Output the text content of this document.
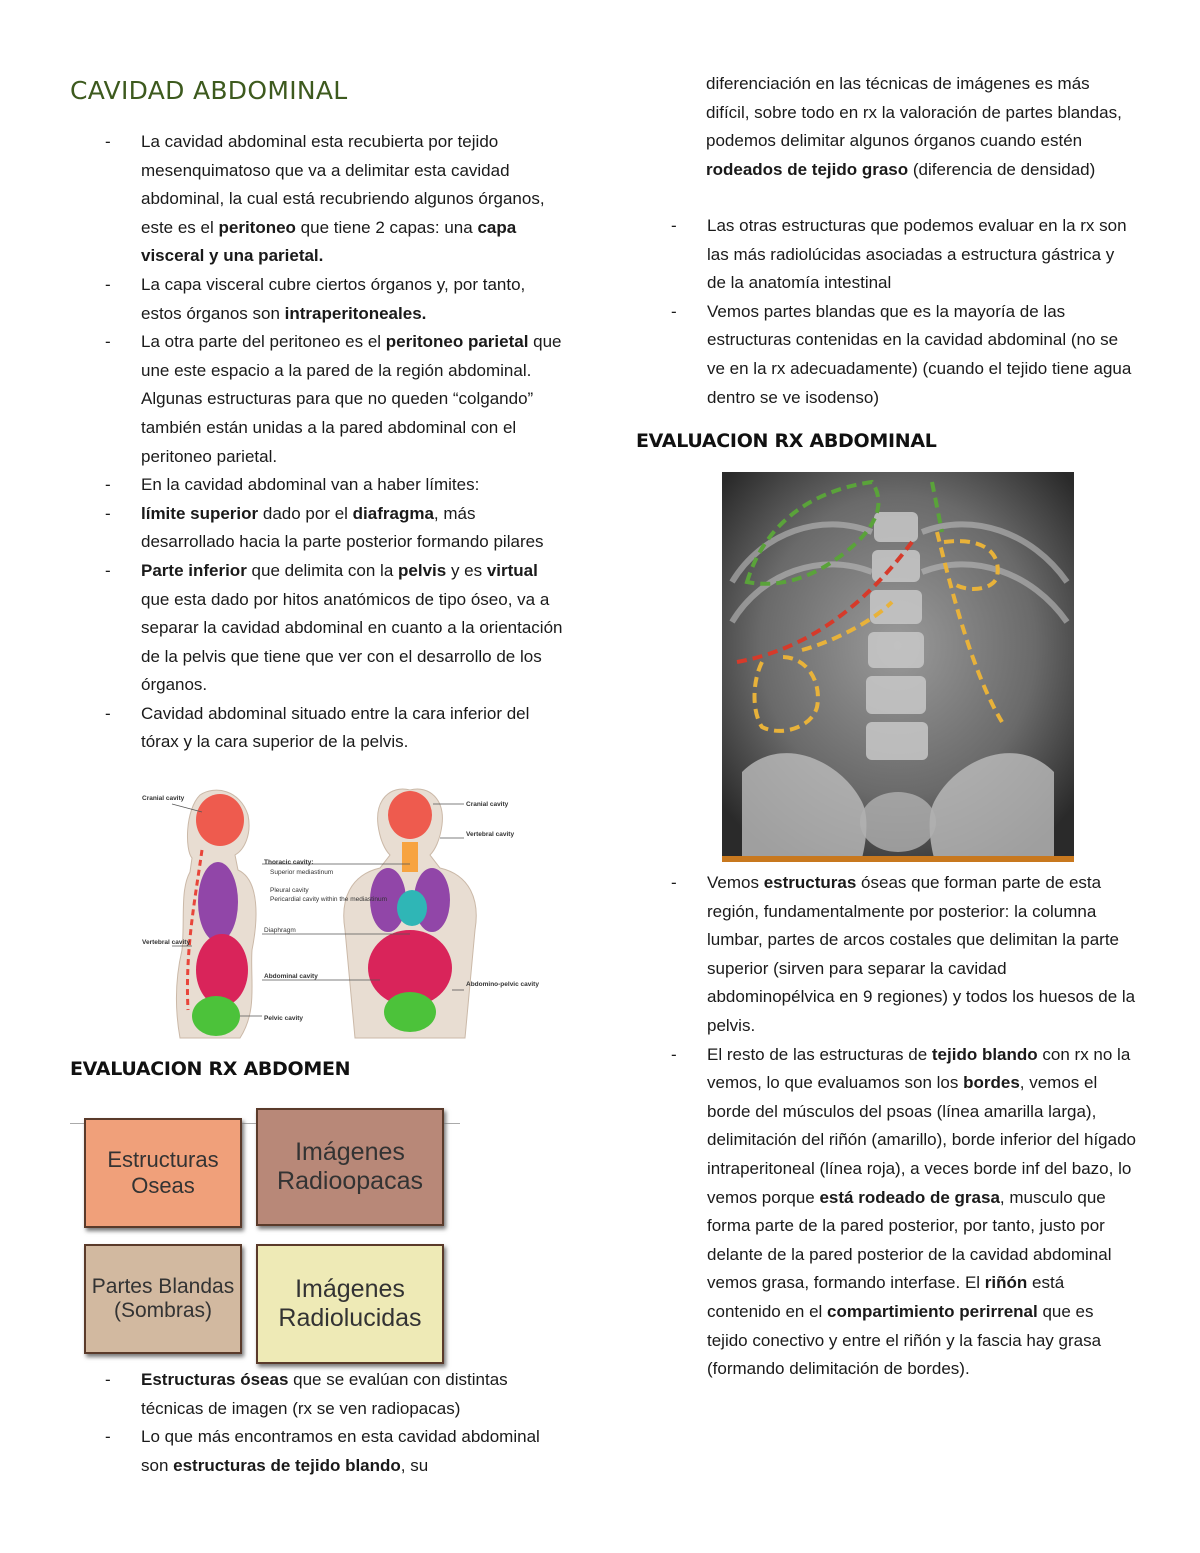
CAVIDAD ABDOMINAL
- La cavidad abdominal esta recubierta por tejido mesenquimatoso que va a delimitar esta cavidad abdominal, la cual está recubriendo algunos órganos, este es el peritoneo que tiene 2 capas: una capa visceral y una parietal.
- La capa visceral cubre ciertos órganos y, por tanto, estos órganos son intraperitoneales.
- La otra parte del peritoneo es el peritoneo parietal que une este espacio a la pared de la región abdominal. Algunas estructuras para que no queden “colgando” también están unidas a la pared abdominal con el peritoneo parietal.
- En la cavidad abdominal van a haber límites:
- límite superior dado por el diafragma, más desarrollado hacia la parte posterior formando pilares
- Parte inferior que delimita con la pelvis y es virtual que esta dado por hitos anatómicos de tipo óseo, va a separar la cavidad abdominal en cuanto a la orientación de la pelvis que tiene que ver con el desarrollo de los órganos.
- Cavidad abdominal situado entre la cara inferior del tórax y la cara superior de la pelvis.
Cranial cavity
Vertebral cavity
Thoracic cavity:
Superior mediastinum
Pleural cavity
Pericardial cavity within the mediastinum
Diaphragm
Abdominal cavity
Pelvic cavity
Cranial cavity
Vertebral cavity
Abdomino-pelvic cavity
EVALUACION RX ABDOMEN
Estructuras
Oseas
Imágenes
Radioopacas
Partes Blandas
(Sombras)
Imágenes
Radiolucidas
- Estructuras óseas que se evalúan con distintas técnicas de imagen (rx se ven radiopacas)
- Lo que más encontramos en esta cavidad abdominal son estructuras de tejido blando, su

diferenciación en las técnicas de imágenes es más difícil, sobre todo en rx la valoración de partes blandas, podemos delimitar algunos órganos cuando estén rodeados de tejido graso (diferencia de densidad)

- Las otras estructuras que podemos evaluar en la rx son las más radiolúcidas asociadas a estructura gástrica y de la anatomía intestinal
- Vemos partes blandas que es la mayoría de las estructuras contenidas en la cavidad abdominal (no se ve en la rx adecuadamente) (cuando el tejido tiene agua dentro se ve isodenso)
EVALUACION RX ABDOMINAL
- Vemos estructuras óseas que forman parte de esta región, fundamentalmente por posterior: la columna lumbar, partes de arcos costales que delimitan la parte superior (sirven para separar la cavidad abdominopélvica en 9 regiones) y todos los huesos de la pelvis.
- El resto de las estructuras de tejido blando con rx no la vemos, lo que evaluamos son los bordes, vemos el borde del músculos del psoas (línea amarilla larga), delimitación del riñón (amarillo), borde inferior del hígado intraperitoneal (línea roja), a veces borde inf del bazo, lo vemos porque está rodeado de grasa, musculo que forma parte de la pared posterior, por tanto, justo por delante de la pared posterior de la cavidad abdominal vemos grasa, formando interfase. El riñón está contenido en el compartimiento perirrenal que es tejido conectivo y entre el riñón y la fascia hay grasa (formando delimitación de bordes).
